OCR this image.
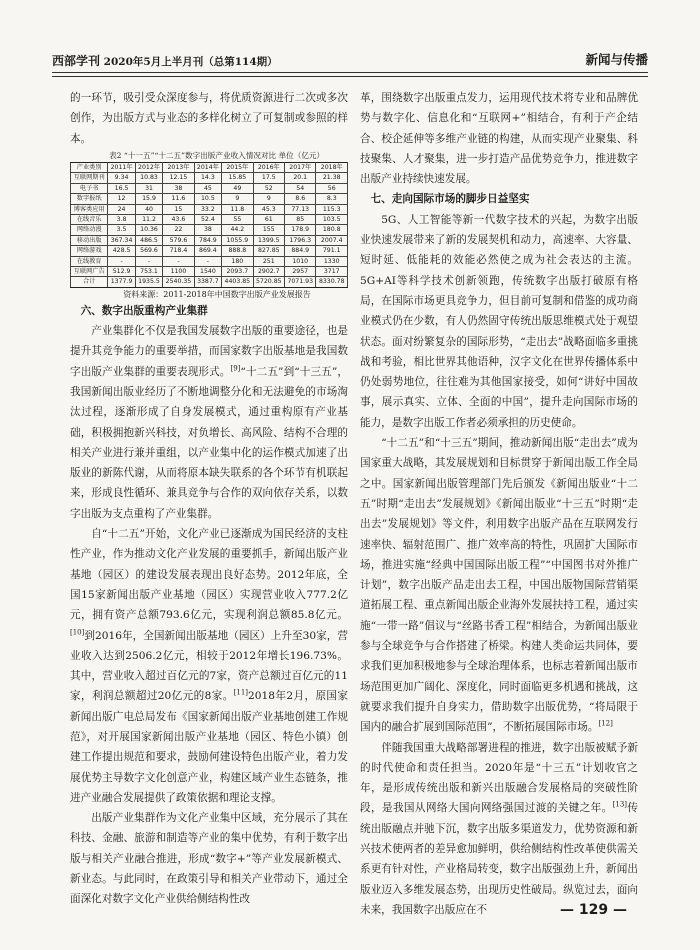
西部学刊 2020年5月上半月刊（总第114期）	新闻与传播

的一环节，吸引受众深度参与，将优质资源进行二次或多次创作，为出版方式与业态的多样化树立了可复制或参照的样本。

表2 “十一五”“十二五”数字出版产业收入情况对比 单位（亿元）

产业类别	2011年	2012年	2013年	2014年	2015年	2016年	2017年	2018年
互联网期刊	9.34	10.83	12.15	14.3	15.85	17.5	20.1	21.38
电子书	16.5	31	38	45	49	52	54	56
数字报纸	12	15.9	11.6	10.5	9	9	8.6	8.3
博客类应用	24	40	15	33.2	11.8	45.3	77.13	115.3
在线音乐	3.8	11.2	43.6	52.4	55	61	85	103.5
网络动漫	3.5	10.36	22	38	44.2	155	178.9	180.8
移动出版	367.34	486.5	579.6	784.9	1055.9	1399.5	1796.3	2007.4
网络游戏	428.5	569.6	718.4	869.4	888.8	827.85	884.9	791.1
在线教育	-	-	-	-	180	251	1010	1330
互联网广告	512.9	753.1	1100	1540	2093.7	2902.7	2957	3717
合计	1377.9	1935.5	2540.35	3387.7	4403.85	5720.85	7071.93	8330.78

资料来源：2011-2018年中国数字出版产业发展报告

六、数字出版重构产业集群

产业集群化不仅是我国发展数字出版的重要途径，也是提升其竞争能力的重要举措，而国家数字出版基地是我国数字出版产业集群的重要表现形式。[9]“十二五”到“十三五”，我国新闻出版业经历了不断地调整分化和无法避免的市场淘汰过程，逐渐形成了自身发展模式，通过重构原有产业基础，积极拥抱新兴科技，对负增长、高风险、结构不合理的相关产业进行兼并重组，以产业集中化的运作模式加速了出版业的新陈代谢，从而将原本缺失联系的各个环节有机联起来，形成良性循环、兼具竞争与合作的双向依存关系，以数字出版为支点重构了产业集群。

自“十二五”开始，文化产业已逐渐成为国民经济的支柱性产业，作为推动文化产业发展的重要抓手，新闻出版产业基地（园区）的建设发展表现出良好态势。2012年底，全国15家新闻出版产业基地（园区）实现营业收入777.2亿元，拥有资产总额793.6亿元，实现利润总额85.8亿元。[10]到2016年，全国新闻出版基地（园区）上升至30家，营业收入达到2506.2亿元，相较于2012年增长196.73%。其中，营业收入超过百亿元的7家，资产总额过百亿元的11家，利润总额超过20亿元的8家。[11]2018年2月，原国家新闻出版广电总局发布《国家新闻出版产业基地创建工作规范》，对开展国家新闻出版产业基地（园区、特色小镇）创建工作提出规范和要求，鼓励何建设特色出版产业，着力发展优势主导数字文化创意产业，构建区域产业生态链条，推进产业融合发展提供了政策依据和理论支撑。

出版产业集群作为文化产业集中区域，充分展示了其在科技、金融、旅游和制造等产业的集中优势，有利于数字出版与相关产业融合推进，形成“数字+”等产业发展新模式、新业态。与此同时，在政策引导和相关产业带动下，通过全面深化对数字文化产业供给侧结构性改

革，围绕数字出版重点发力，运用现代技术将专业和品牌优势与数字化、信息化和“互联网+”相结合，有利于产企结合、校企延伸等多维产业链的构建，从而实现产业聚集、科技聚集、人才聚集，进一步打造产品优势竞争力，推进数字出版产业持续快速发展。

七、走向国际市场的脚步日益坚实

5G、人工智能等新一代数字技术的兴起，为数字出版业快速发展带来了新的发展契机和动力，高速率、大容量、短时延、低能耗的效能必然使之成为社会表达的主流。5G+AI等科学技术创新领跑，传统数字出版打破原有格局，在国际市场更具竞争力，但目前可复制和借鉴的成功商业模式仍在少数，有人仍然固守传统出版思维模式处于观望状态。面对纷繁复杂的国际形势，“走出去”战略面临多重挑战和考验，相比世界其他语种，汉字文化在世界传播体系中仍处弱势地位，往往难为其他国家接受，如何“讲好中国故事，展示真实、立体、全面的中国”，提升走向国际市场的能力，是数字出版工作者必须承担的历史使命。

“十二五”和“十三五”期间，推动新闻出版“走出去”成为国家重大战略，其发展规划和目标贯穿于新闻出版工作全局之中。国家新闻出版管理部门先后颁发《新闻出版业“十二五”时期“走出去”发展规划》《新闻出版业“十三五”时期“走出去”发展规划》等文件，利用数字出版产品在互联网发行速率快、辐射范围广、推广效率高的特性，巩固扩大国际市场，推进实施“经典中国国际出版工程”“中国图书对外推广计划”，数字出版产品走出去工程，中国出版物国际营销渠道拓展工程、重点新闻出版企业海外发展扶持工程，通过实施“一带一路”倡议与“丝路书香工程”相结合，为新闻出版业参与全球竞争与合作搭建了桥梁。构建人类命运共同体，要求我们更加积极地参与全球治理体系，也标志着新闻出版市场范围更加广阔化、深度化，同时面临更多机遇和挑战，这就要求我们提升自身实力，借助数字出版优势，“将局限于国内的融合扩展到国际范围”，不断拓展国际市场。[12]

伴随我国重大战略部署进程的推进，数字出版被赋予新的时代使命和责任担当。2020年是“十三五”计划收官之年，是形成传统出版和新兴出版融合发展格局的突破性阶段，是我国从网络大国向网络强国过渡的关键之年。[13]传统出版融点并驰下沉，数字出版多渠道发力，优势资源和新兴技术使两者的差异愈加鲜明，供给侧结构性改革使供需关系更有针对性，产业格局转变，数字出版强劲上升，新闻出版业迈入多维发展态势，出现历史性破局。纵览过去，面向未来，我国数字出版应在不	— 129 —
